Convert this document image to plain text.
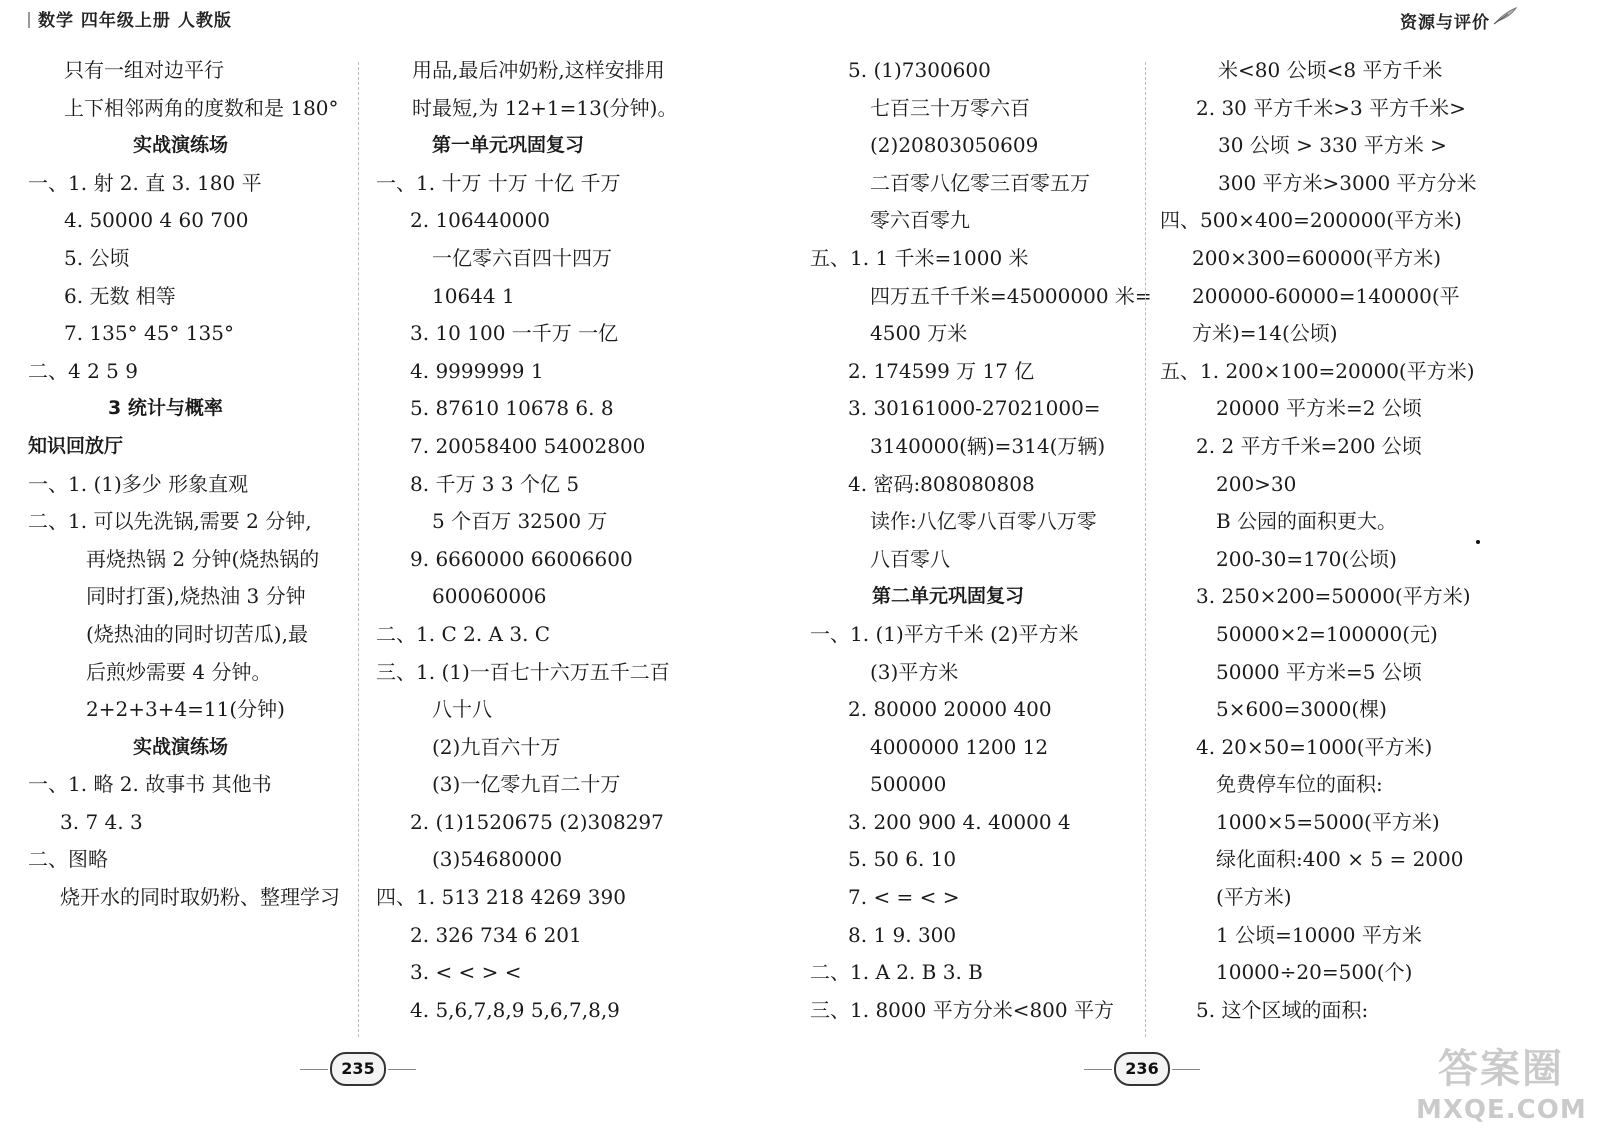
数学 四年级上册 人教版	资源与评价
只有一组对边平行
上下相邻两角的度数和是 180°
实战演练场
一、1. 射 2. 直 3. 180 平
4. 50000 4 60 700
5. 公顷
6. 无数 相等
7. 135° 45° 135°
二、4 2 5 9
3 统计与概率
知识回放厅
一、1. (1)多少 形象直观
二、1. 可以先洗锅,需要 2 分钟,
再烧热锅 2 分钟(烧热锅的
同时打蛋),烧热油 3 分钟
(烧热油的同时切苦瓜),最
后煎炒需要 4 分钟。
2+2+3+4=11(分钟)
实战演练场
一、1. 略 2. 故事书 其他书
3. 7 4. 3
二、图略
烧开水的同时取奶粉、整理学习
用品,最后冲奶粉,这样安排用
时最短,为 12+1=13(分钟)。
第一单元巩固复习
一、1. 十万 十万 十亿 千万
2. 106440000
一亿零六百四十四万
10644 1
3. 10 100 一千万 一亿
4. 9999999 1
5. 87610 10678 6. 8
7. 20058400 54002800
8. 千万 3 3 个亿 5
5 个百万 32500 万
9. 6660000 66006600
600060006
二、1. C 2. A 3. C
三、1. (1)一百七十六万五千二百
八十八
(2)九百六十万
(3)一亿零九百二十万
2. (1)1520675 (2)308297
(3)54680000
四、1. 513 218 4269 390
2. 326 734 6 201
3. < < > <
4. 5,6,7,8,9 5,6,7,8,9
5. (1)7300600
七百三十万零六百
(2)20803050609
二百零八亿零三百零五万
零六百零九
五、1. 1 千米=1000 米
四万五千千米=45000000 米=
4500 万米
2. 174599 万 17 亿
3. 30161000-27021000=
3140000(辆)=314(万辆)
4. 密码:808080808
读作:八亿零八百零八万零
八百零八
第二单元巩固复习
一、1. (1)平方千米 (2)平方米
(3)平方米
2. 80000 20000 400
4000000 1200 12
500000
3. 200 900 4. 40000 4
5. 50 6. 10
7. < = < >
8. 1 9. 300
二、1. A 2. B 3. B
三、1. 8000 平方分米<800 平方
米<80 公顷<8 平方千米
2. 30 平方千米>3 平方千米>
30 公顷 > 330 平方米 >
300 平方米>3000 平方分米
四、500×400=200000(平方米)
200×300=60000(平方米)
200000-60000=140000(平
方米)=14(公顷)
五、1. 200×100=20000(平方米)
20000 平方米=2 公顷
2. 2 平方千米=200 公顷
200>30
B 公园的面积更大。
200-30=170(公顷)
3. 250×200=50000(平方米)
50000×2=100000(元)
50000 平方米=5 公顷
5×600=3000(棵)
4. 20×50=1000(平方米)
免费停车位的面积:
1000×5=5000(平方米)
绿化面积:400 × 5 = 2000
(平方米)
1 公顷=10000 平方米
10000÷20=500(个)
5. 这个区域的面积:
235	236	答案圈
MXQE.COM
